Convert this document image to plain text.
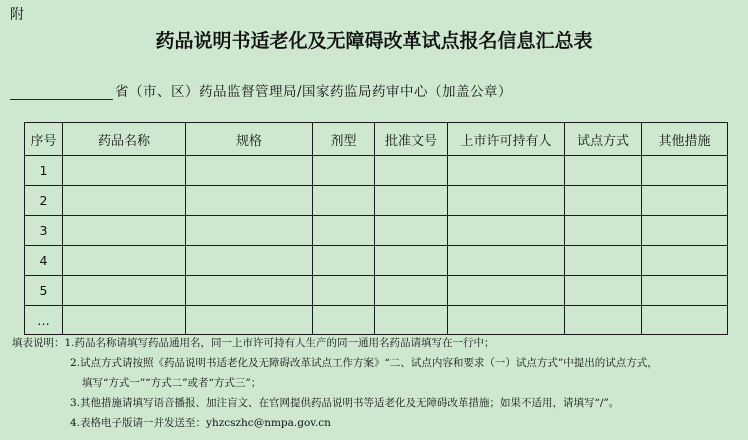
附
药品说明书适老化及无障碍改革试点报名信息汇总表
省（市、区）药品监督管理局/国家药监局药审中心（加盖公章）
序号	药品名称	规格	剂型	批准文号	上市许可持有人	试点方式	其他措施
1							
2							
3							
4							
5							
…							
填表说明：1.药品名称请填写药品通用名，同一上市许可持有人生产的同一通用名药品请填写在一行中；
2.试点方式请按照《药品说明书适老化及无障碍改革试点工作方案》“二、试点内容和要求（一）试点方式”中提出的试点方式，
填写“方式一”“方式二”或者“方式三”；
3.其他措施请填写语音播报、加注盲文、在官网提供药品说明书等适老化及无障碍改革措施；如果不适用，请填写“/”。
4.表格电子版请一并发送至：yhzcszhc@nmpa.gov.cn
